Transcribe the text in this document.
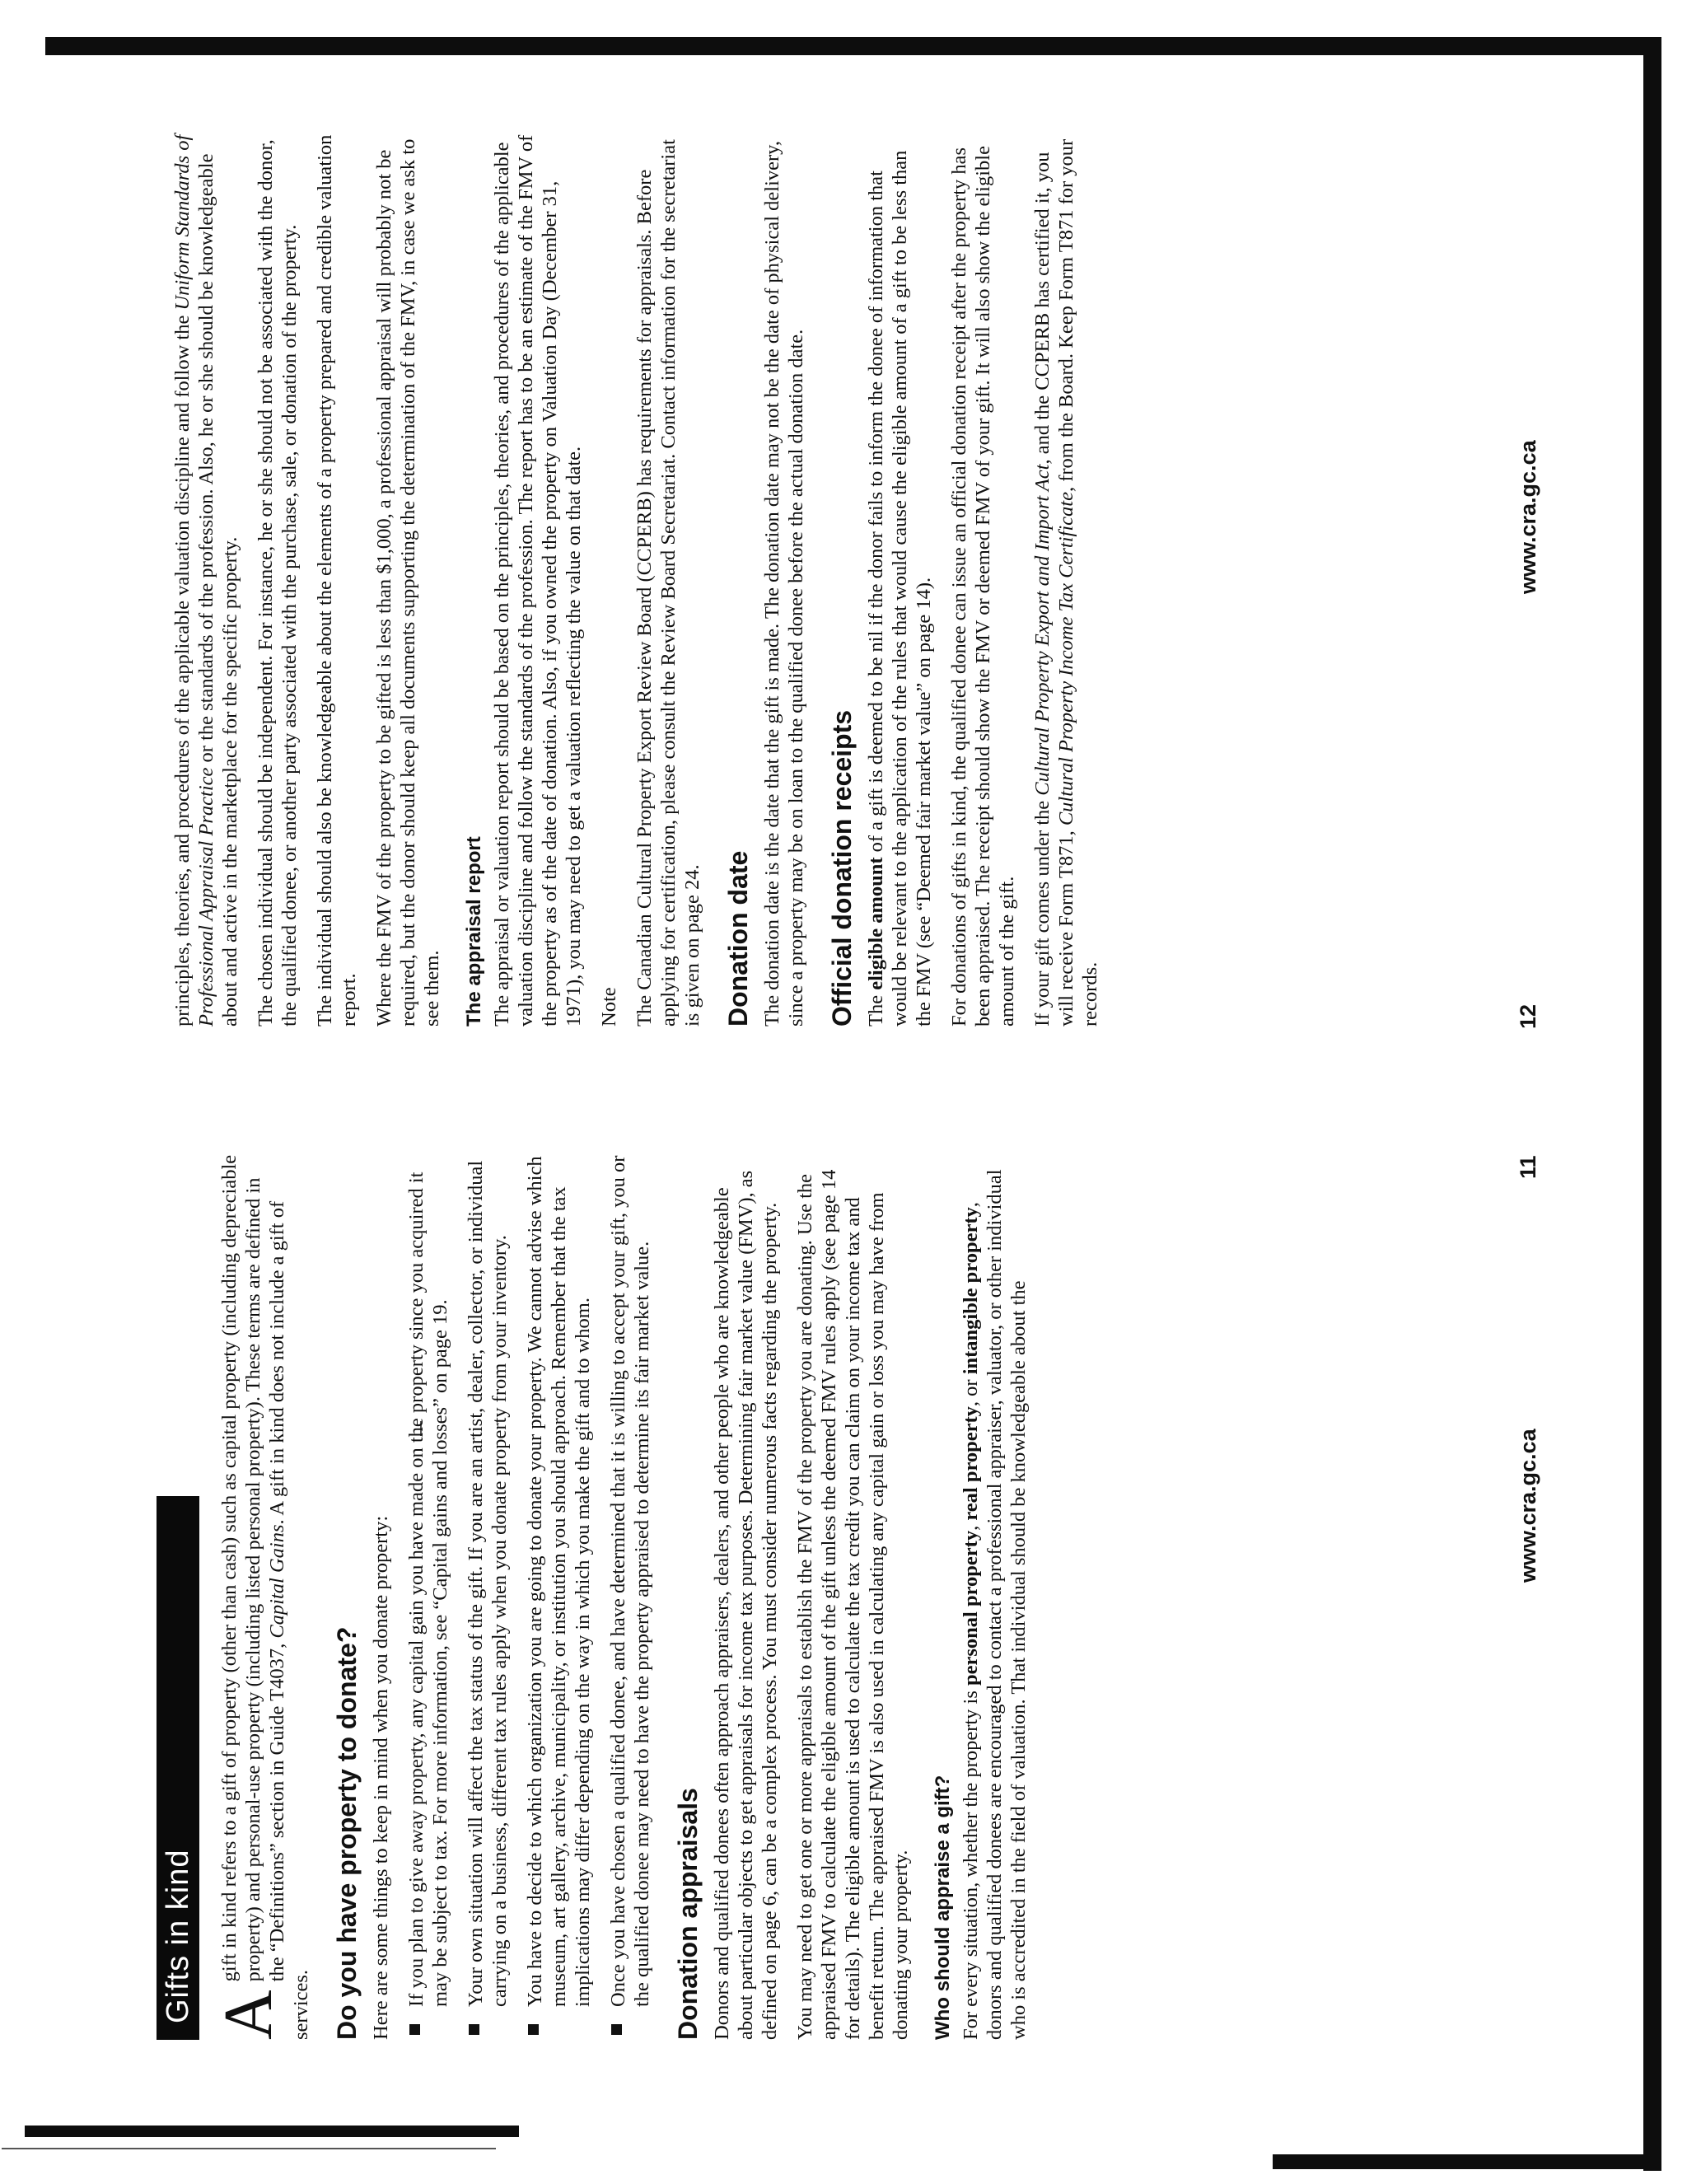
Gifts in kind A
gift in kind refers to a gift of property (other than cash) such as capital property (including depreciable property) and personal-use property (including listed personal property). These terms are defined in the “Definitions” section in Guide T4037, Capital Gains. A gift in kind does not include a gift of services. Do you have property to donate? Here are some things to keep in mind when you donate property: If you plan to give away property, any capital gain you have made on the property since you acquired it may be subject to tax. For more information, see “Capital gains and losses” on page 19. Your own situation will affect the tax status of the gift. If you are an artist, dealer, collector, or individual carrying on a business, different tax rules apply when you donate property from your inventory. You have to decide to which organization you are going to donate your property. We cannot advise which museum, art gallery, archive, municipality, or institution you should approach. Remember that the tax implications may differ depending on the way in which you make the gift and to whom. Once you have chosen a qualified donee, and have determined that it is willing to accept your gift, you or the qualified donee may need to have the property appraised to determine its fair market value. Donation appraisals Donors and qualified donees often approach appraisers, dealers, and other people who are knowledgeable about particular objects to get appraisals for income tax purposes. Determining fair market value (FMV), as defined on page 6, can be a complex process. You must consider numerous facts regarding the property. You may need to get one or more appraisals to establish the FMV of the property you are donating. Use the appraised FMV to calculate the eligible amount of the gift unless the deemed FMV rules apply (see page 14 for details). The eligible amount is used to calculate the tax credit you can claim on your income tax and benefit return. The appraised FMV is also used in calculating any capital gain or loss you may have from donating your property. Who should appraise a gift? For every situation, whether the property is personal property, real property, or intangible property, donors and qualified donees are encouraged to contact a professional appraiser, valuator, or other individual who is accredited in the field of valuation. That individual should be knowledgeable about the	www.cra.gc.ca
11

principles, theories, and procedures of the applicable valuation discipline and follow the Uniform Standards of Professional Appraisal Practice or the standards of the profession. Also, he or she should be knowledgeable about and active in the marketplace for the specific property. The chosen individual should be independent. For instance, he or she should not be associated with the donor, the qualified donee, or another party associated with the purchase, sale, or donation of the property. The individual should also be knowledgeable about the elements of a property prepared and credible valuation report. Where the FMV of the property to be gifted is less than $1,000, a professional appraisal will probably not be required, but the donor should keep all documents supporting the determination of the FMV, in case we ask to see them. The appraisal report The appraisal or valuation report should be based on the principles, theories, and procedures of the applicable valuation discipline and follow the standards of the profession. The report has to be an estimate of the FMV of the property as of the date of donation. Also, if you owned the property on Valuation Day (December 31, 1971), you may need to get a valuation reflecting the value on that date. Note The Canadian Cultural Property Export Review Board (CCPERB) has requirements for appraisals. Before applying for certification, please consult the Review Board Secretariat. Contact information for the secretariat is given on page 24. Donation date The donation date is the date that the gift is made. The donation date may not be the date of physical delivery, since a property may be on loan to the qualified donee before the actual donation date. Official donation receipts The eligible amount of a gift is deemed to be nil if the donor fails to inform the donee of information that would be relevant to the application of the rules that would cause the eligible amount of a gift to be less than the FMV (see “Deemed fair market value” on page 14). For donations of gifts in kind, the qualified donee can issue an official donation receipt after the property has been appraised. The receipt should show the FMV or deemed FMV of your gift. It will also show the eligible amount of the gift. If your gift comes under the Cultural Property Export and Import Act, and the CCPERB has certified it, you will receive Form T871, Cultural Property Income Tax Certificate, from the Board. Keep Form T871 for your records.	12
www.cra.gc.ca
